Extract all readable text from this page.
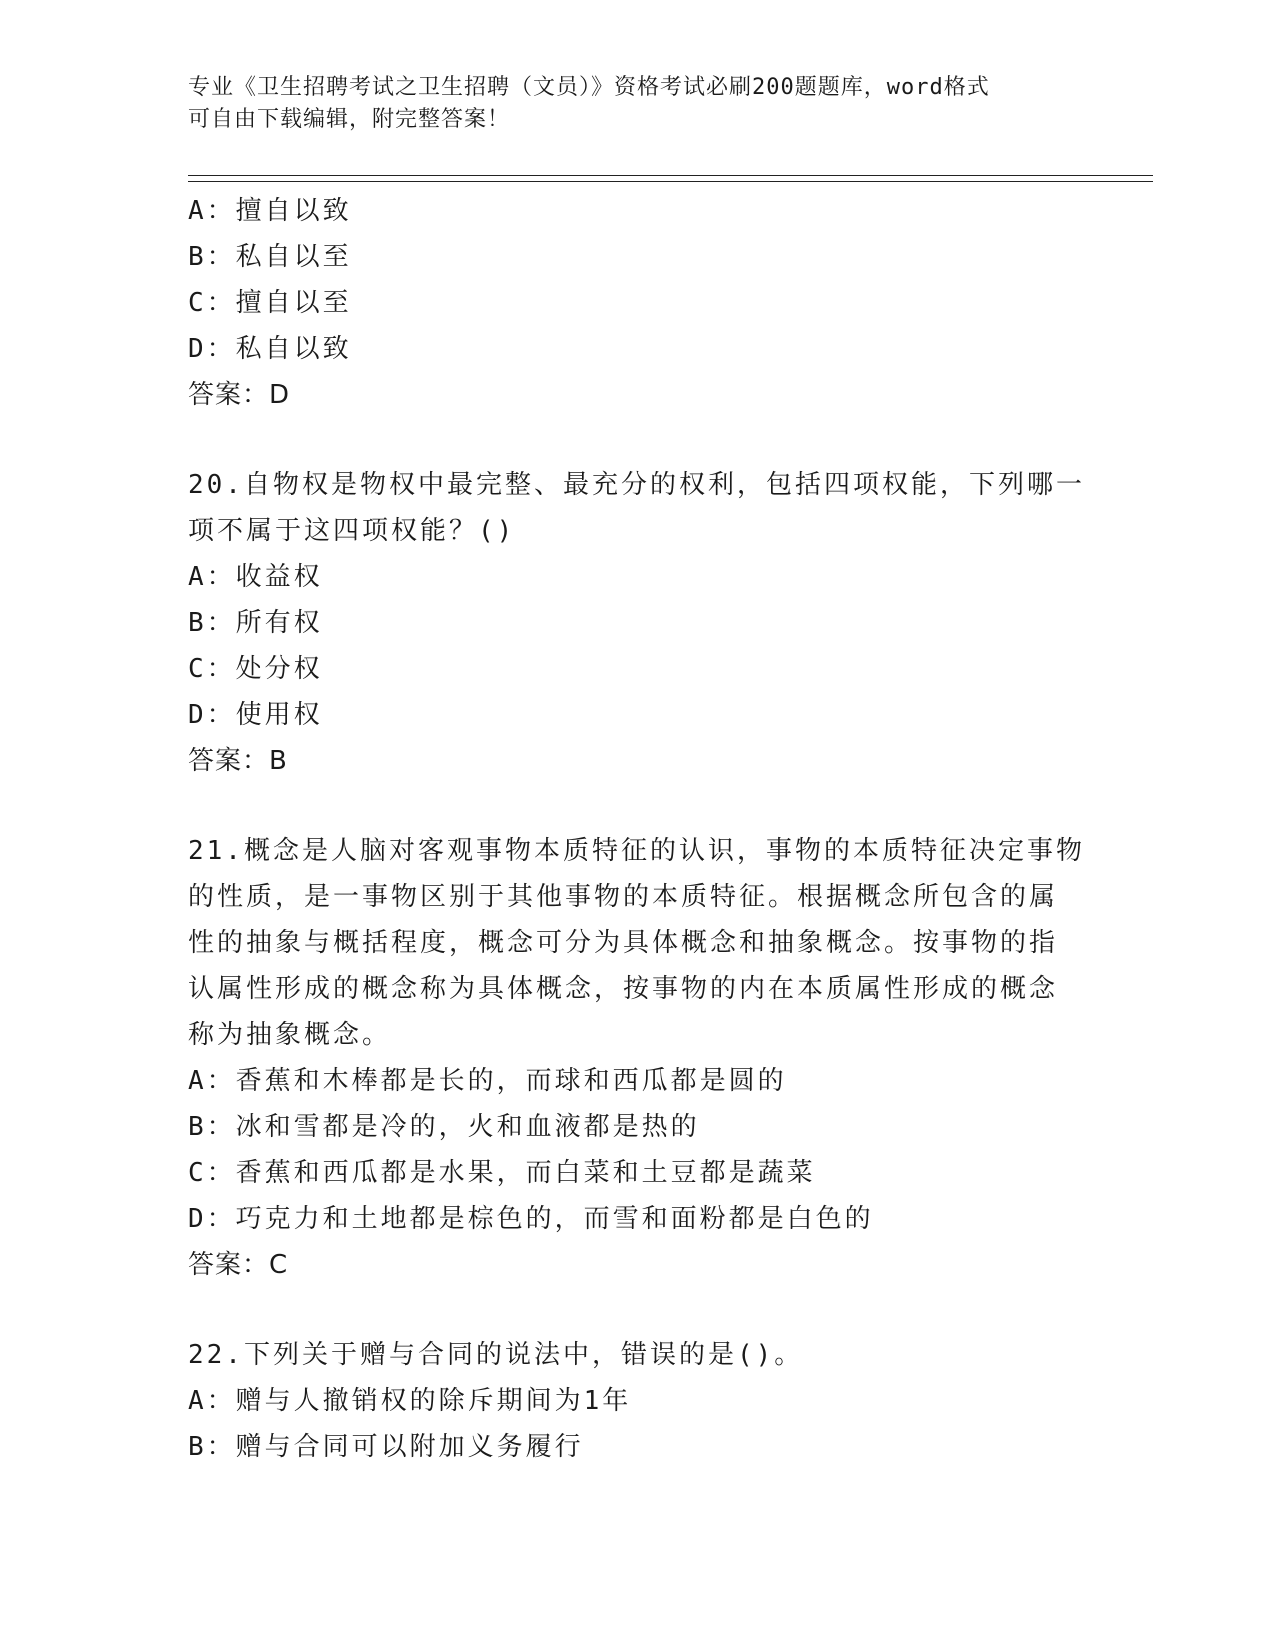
专业《卫生招聘考试之卫生招聘（文员）》资格考试必刷200题题库，word格式
可自由下载编辑，附完整答案！
A：擅自以致
B：私自以至
C：擅自以至
D：私自以致
答案：D
20.自物权是物权中最完整、最充分的权利，包括四项权能，下列哪一
项不属于这四项权能？()
A：收益权
B：所有权
C：处分权
D：使用权
答案：B
21.概念是人脑对客观事物本质特征的认识，事物的本质特征决定事物
的性质，是一事物区别于其他事物的本质特征。根据概念所包含的属
性的抽象与概括程度，概念可分为具体概念和抽象概念。按事物的指
认属性形成的概念称为具体概念，按事物的内在本质属性形成的概念
称为抽象概念。
A：香蕉和木棒都是长的，而球和西瓜都是圆的
B：冰和雪都是冷的，火和血液都是热的
C：香蕉和西瓜都是水果，而白菜和土豆都是蔬菜
D：巧克力和土地都是棕色的，而雪和面粉都是白色的
答案：C
22.下列关于赠与合同的说法中，错误的是()。
A：赠与人撤销权的除斥期间为1年
B：赠与合同可以附加义务履行
